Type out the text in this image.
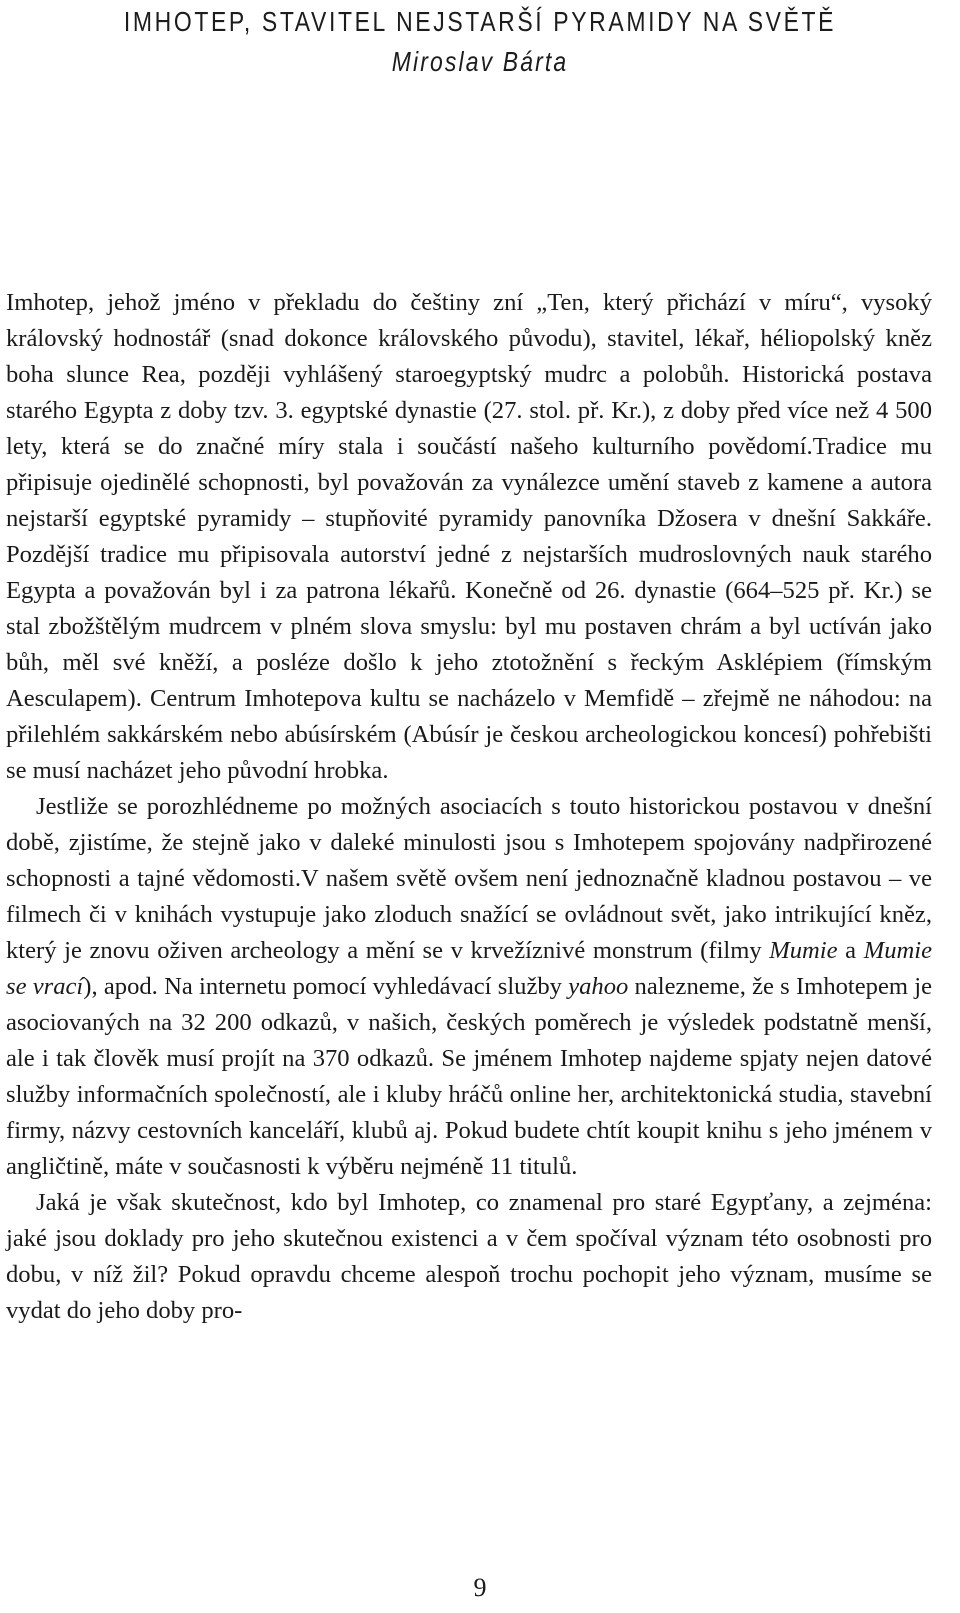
IMHOTEP, STAVITEL NEJSTARŠÍ PYRAMIDY NA SVĚTĚ
Miroslav Bárta

Imhotep, jehož jméno v překladu do češtiny zní „Ten, který přichází v míru“, vysoký královský hodnostář (snad dokonce královského původu), stavitel, lékař, héliopolský kněz boha slunce Rea, později vyhlášený staroegyptský mudrc a polobůh. Historická postava starého Egypta z doby tzv. 3. egyptské dynastie (27. stol. př. Kr.), z doby před více než 4 500 lety, která se do značné míry stala i součástí našeho kulturního povědomí.Tradice mu připisuje ojedinělé schopnosti, byl považován za vynálezce umění staveb z kamene a autora nejstarší egyptské pyramidy – stupňovité pyramidy panovníka Džosera v dnešní Sakkáře. Pozdější tradice mu připisovala autorství jedné z nejstarších mudroslovných nauk starého Egypta a považován byl i za patrona lékařů. Konečně od 26. dynastie (664–525 př. Kr.) se stal zbožštělým mudrcem v plném slova smyslu: byl mu postaven chrám a byl uctíván jako bůh, měl své kněží, a posléze došlo k jeho ztotožnění s řeckým Asklépiem (římským Aesculapem). Centrum Imhotepova kultu se nacházelo v Memfidě – zřejmě ne náhodou: na přilehlém sakkárském nebo abúsírském (Abúsír je českou archeologickou koncesí) pohřebišti se musí nacházet jeho původní hrobka.

Jestliže se porozhlédneme po možných asociacích s touto historickou postavou v dnešní době, zjistíme, že stejně jako v daleké minulosti jsou s Imhotepem spojovány nadpřirozené schopnosti a tajné vědomosti.V našem světě ovšem není jednoznačně kladnou postavou – ve filmech či v knihách vystupuje jako zloduch snažící se ovládnout svět, jako intrikující kněz, který je znovu oživen archeology a mění se v krvežíznivé monstrum (filmy Mumie a Mumie se vrací), apod. Na internetu pomocí vyhledávací služby yahoo nalezneme, že s Imhotepem je asociovaných na 32 200 odkazů, v našich, českých poměrech je výsledek podstatně menší, ale i tak člověk musí projít na 370 odkazů. Se jménem Imhotep najdeme spjaty nejen datové služby informačních společností, ale i kluby hráčů online her, architektonická studia, stavební firmy, názvy cestovních kanceláří, klubů aj. Pokud budete chtít koupit knihu s jeho jménem v angličtině, máte v současnosti k výběru nejméně 11 titulů.

Jaká je však skutečnost, kdo byl Imhotep, co znamenal pro staré Egypťany, a zejména: jaké jsou doklady pro jeho skutečnou existenci a v čem spočíval význam této osobnosti pro dobu, v níž žil? Pokud opravdu chceme alespoň trochu pochopit jeho význam, musíme se vydat do jeho doby pro-

9
